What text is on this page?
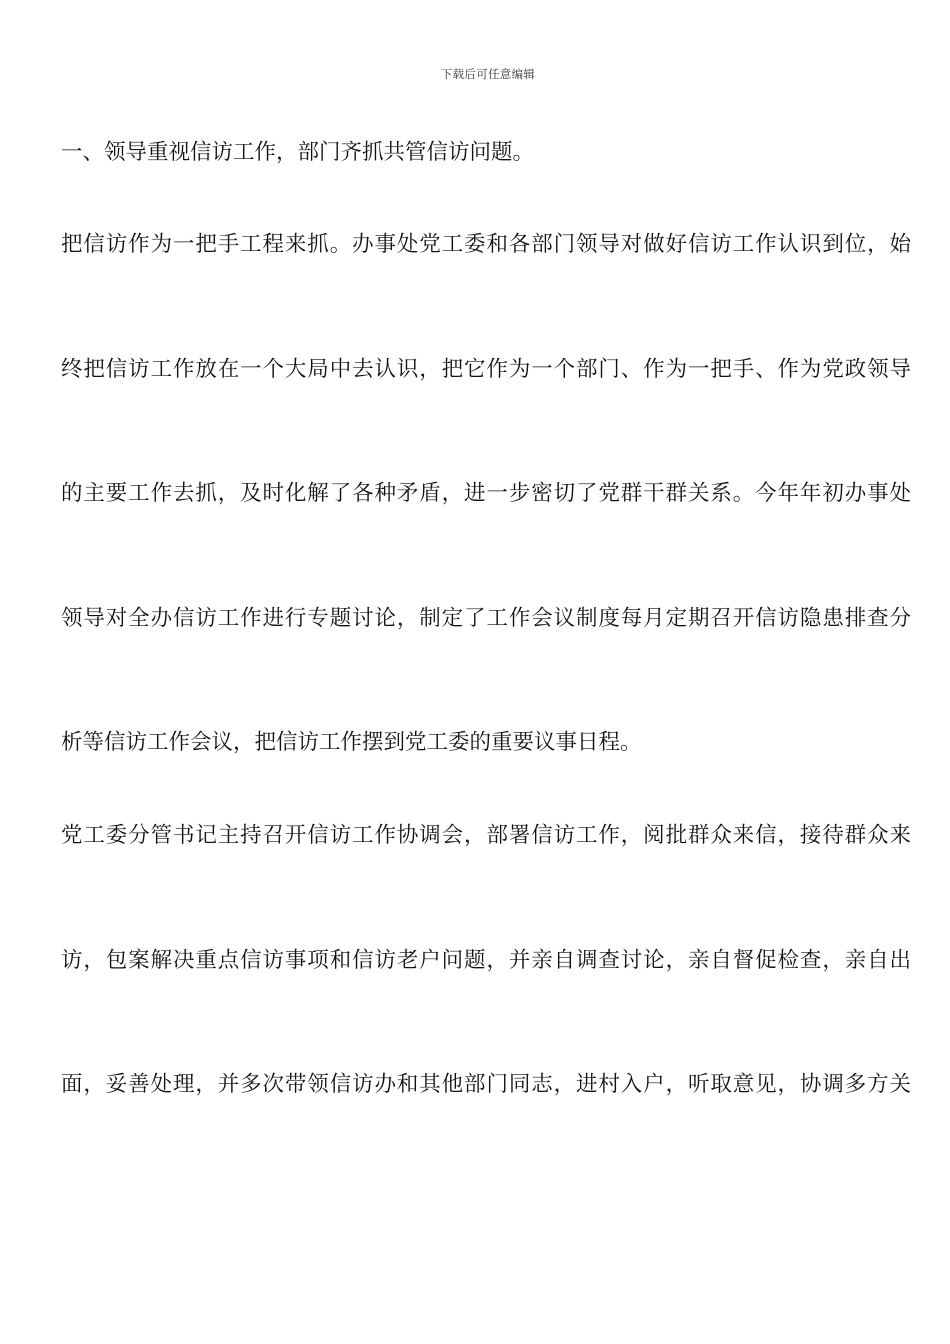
下载后可任意编辑
一、领导重视信访工作，部门齐抓共管信访问题。
把信访作为一把手工程来抓。办事处党工委和各部门领导对做好信访工作认识到位，始
终把信访工作放在一个大局中去认识，把它作为一个部门、作为一把手、作为党政领导
的主要工作去抓，及时化解了各种矛盾，进一步密切了党群干群关系。今年年初办事处
领导对全办信访工作进行专题讨论，制定了工作会议制度每月定期召开信访隐患排查分
析等信访工作会议，把信访工作摆到党工委的重要议事日程。
党工委分管书记主持召开信访工作协调会，部署信访工作，阅批群众来信，接待群众来
访，包案解决重点信访事项和信访老户问题，并亲自调查讨论，亲自督促检查，亲自出
面，妥善处理，并多次带领信访办和其他部门同志，进村入户，听取意见，协调多方关
